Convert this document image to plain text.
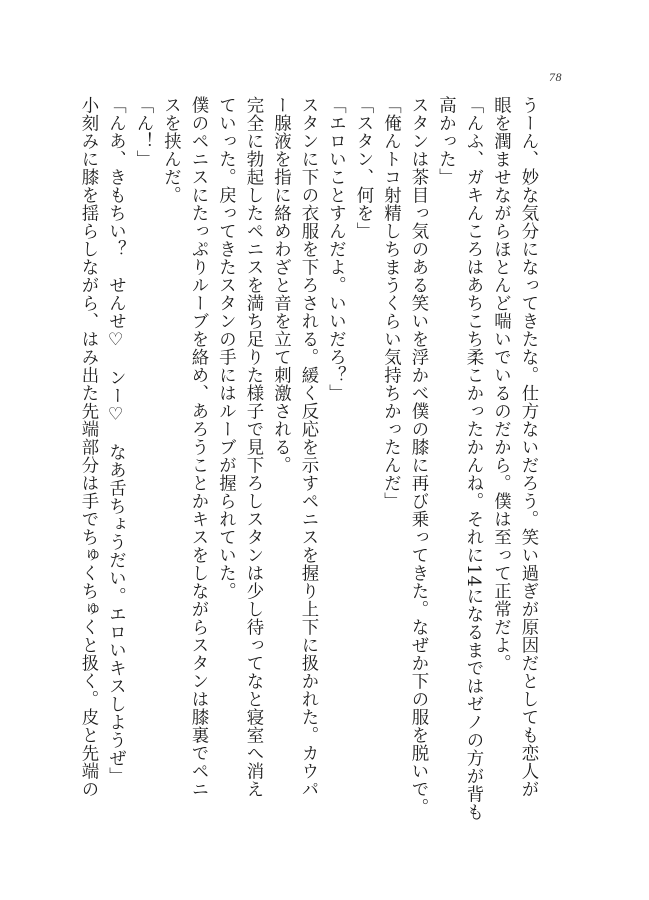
78
うーん、妙な気分になってきたな。仕方ないだろう。笑い過ぎが原因だとしても恋人が
眼を潤ませながらほとんど喘いでいるのだから。僕は至って正常だよ。
「んふ、ガキんころはあちこち柔こかったかんね。それに14になるまではゼノの方が背も
高かった」
スタンは茶目っ気のある笑いを浮かべ僕の膝に再び乗ってきた。なぜか下の服を脱いで。
「俺んトコ射精しちまうくらい気持ちかったんだ」
「スタン、何を」
「エロいことすんだよ。いいだろ？」
スタンに下の衣服を下ろされる。緩く反応を示すペニスを握り上下に扱かれた。カウパ
ー腺液を指に絡めわざと音を立て刺激される。
完全に勃起したペニスを満ち足りた様子で見下ろしスタンは少し待ってなと寝室へ消え
ていった。戻ってきたスタンの手にはルーブが握られていた。
僕のペニスにたっぷりルーブを絡め、あろうことかキスをしながらスタンは膝裏でペニ
スを挟んだ。
「ん！」
「んあ、きもちい？　せんせ♡　ンー♡　なあ舌ちょうだい。エロいキスしようぜ」
小刻みに膝を揺らしながら、はみ出た先端部分は手でちゅくちゅくと扱く。皮と先端の
